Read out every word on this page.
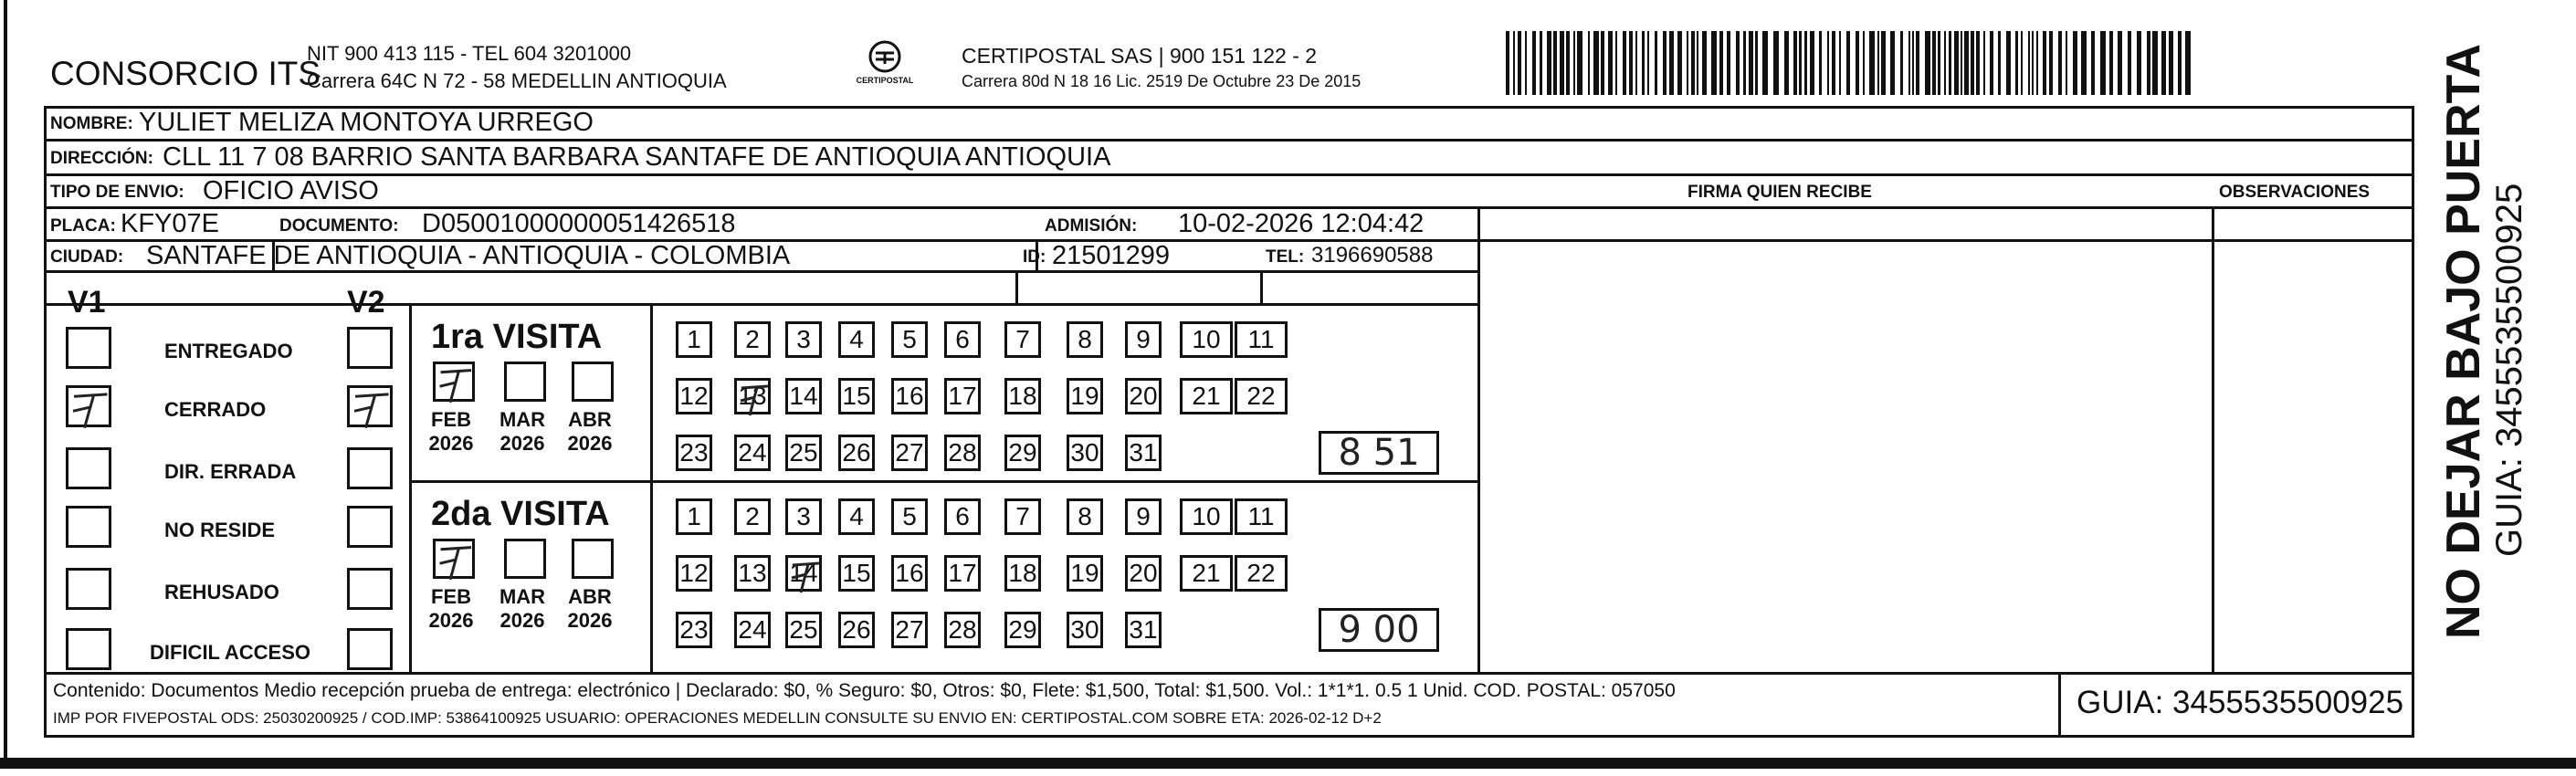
CONSORCIO ITS
NIT 900 413 115 - TEL 604 3201000
Carrera 64C N 72 - 58 MEDELLIN ANTIOQUIA	CERTIPOSTAL
CERTIPOSTAL SAS | 900 151 122 - 2
Carrera 80d N 18 16 Lic. 2519 De Octubre 23 De 2015
NOMBRE: YULIET MELIZA MONTOYA URREGO
DIRECCIÓN: CLL 11 7 08 BARRIO SANTA BARBARA SANTAFE DE ANTIOQUIA ANTIOQUIA
TIPO DE ENVIO: OFICIO AVISO	FIRMA QUIEN RECIBE	OBSERVACIONES
PLACA: KFY07E	DOCUMENTO: D05001000000051426518	ADMISIÓN: 10-02-2026 12:04:42
CIUDAD: SANTAFE DE ANTIOQUIA - ANTIOQUIA - COLOMBIA	ID: 21501299	TEL: 3196690588
V1	V2
ENTREGADO
CERRADO
DIR. ERRADA
NO RESIDE
REHUSADO
DIFICIL ACCESO
1ra VISITA
FEB
2026
MAR
2026
ABR
2026
1	2	3	4	5	6	7	8	9	10	11
12 13 14 15 16 17 18 19 20	21	22
23 24 25 26 27 28 29 30 31	8 51
2da VISITA
FEB
2026
MAR
2026
ABR
2026
1	2	3	4	5	6	7	8	9	10	11
12 13 14 15 16 17 18 19 20	21	22
23 24 25 26 27 28 29 30 31	9 00	NO DEJAR BAJO PUERTA GUIA: 3455535500925
Contenido: Documentos Medio recepción prueba de entrega: electrónico | Declarado: $0, % Seguro: $0, Otros: $0, Flete: $1,500, Total: $1,500. Vol.: 1*1*1. 0.5 1 Unid. COD. POSTAL: 057050
IMP POR FIVEPOSTAL ODS: 25030200925 / COD.IMP: 53864100925 USUARIO: OPERACIONES MEDELLIN CONSULTE SU ENVIO EN: CERTIPOSTAL.COM SOBRE ETA: 2026-02-12 D+2	GUIA: 3455535500925
